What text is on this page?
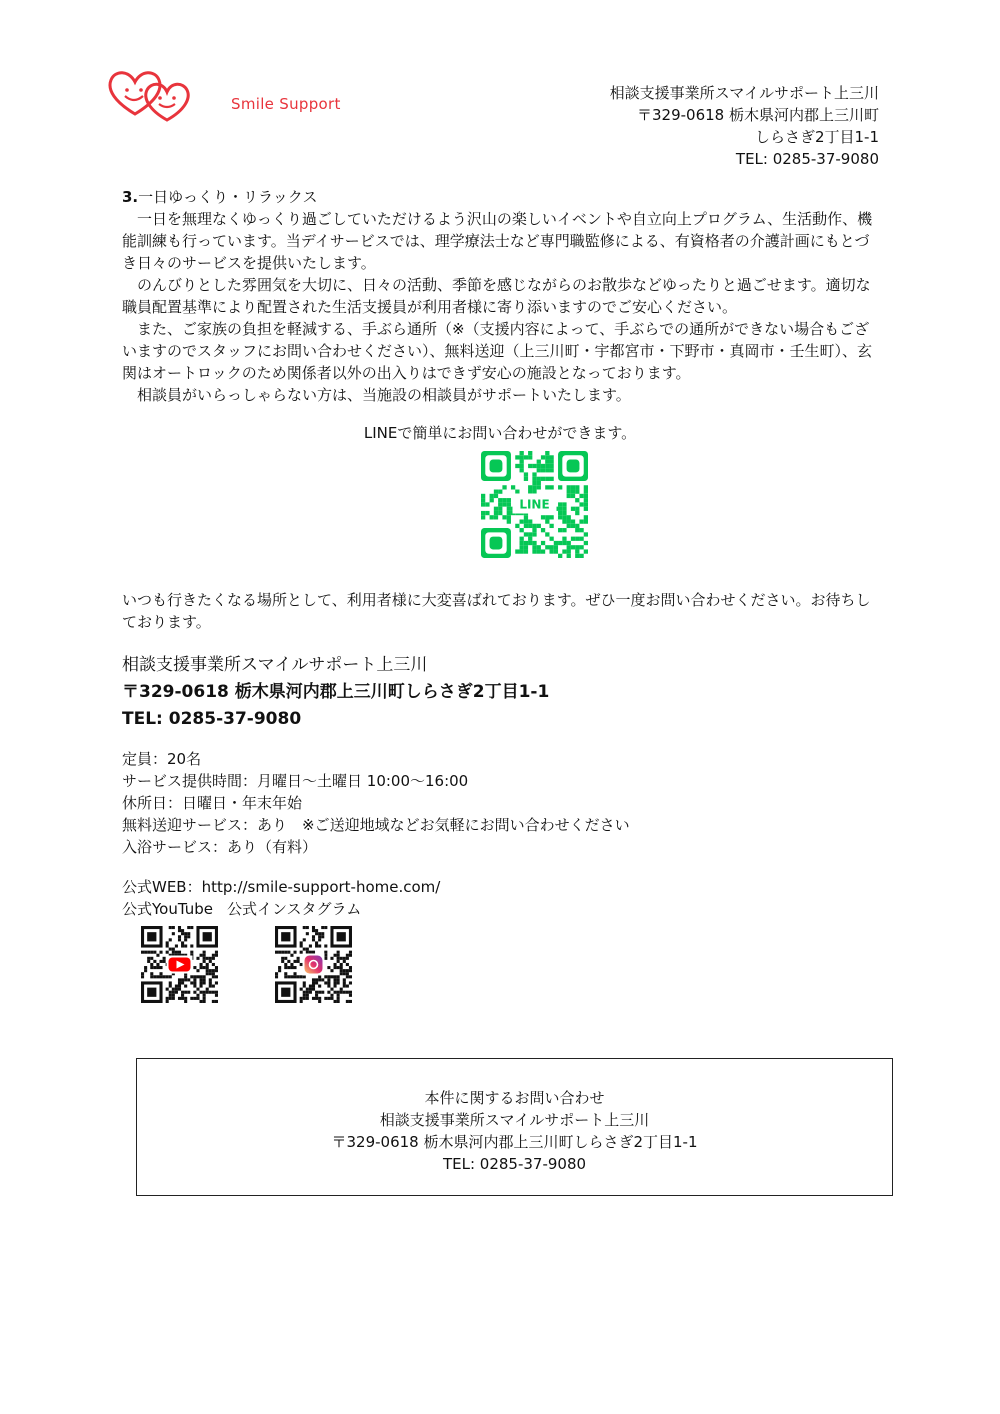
Smile Support
相談支援事業所スマイルサポート上三川
〒329-0618 栃木県河内郡上三川町
しらさぎ2丁目1-1
TEL: 0285-37-9080

3.一日ゆっくり・リラックス

　一日を無理なくゆっくり過ごしていただけるよう沢山の楽しいイベントや自立向上プログラム、生活動作、機能訓練も行っています。当デイサービスでは、理学療法士など専門職監修による、有資格者の介護計画にもとづき日々のサービスを提供いたします。

　のんびりとした雰囲気を大切に、日々の活動、季節を感じながらのお散歩などゆったりと過ごせます。適切な職員配置基準により配置された生活支援員が利用者様に寄り添いますのでご安心ください。

　また、ご家族の負担を軽減する、手ぶら通所（※（支援内容によって、手ぶらでの通所ができない場合もございますのでスタッフにお問い合わせください）、無料送迎（上三川町・宇都宮市・下野市・真岡市・壬生町）、玄関はオートロックのため関係者以外の出入りはできず安心の施設となっております。

　相談員がいらっしゃらない方は、当施設の相談員がサポートいたします。

LINEで簡単にお問い合わせができます。
LINE

いつも行きたくなる場所として、利用者様に大変喜ばれております。ぜひ一度お問い合わせください。お待ちしております。

相談支援事業所スマイルサポート上三川
〒329-0618 栃木県河内郡上三川町しらさぎ2丁目1-1
TEL: 0285-37-9080
定員：20名
サービス提供時間：月曜日～土曜日 10:00～16:00
休所日：日曜日・年末年始
無料送迎サービス：あり　※ご送迎地域などお気軽にお問い合わせください
入浴サービス：あり（有料）
公式WEB：http://smile-support-home.com/
公式YouTube 公式インスタグラム
本件に関するお問い合わせ
相談支援事業所スマイルサポート上三川
〒329-0618 栃木県河内郡上三川町しらさぎ2丁目1-1
TEL: 0285-37-9080
